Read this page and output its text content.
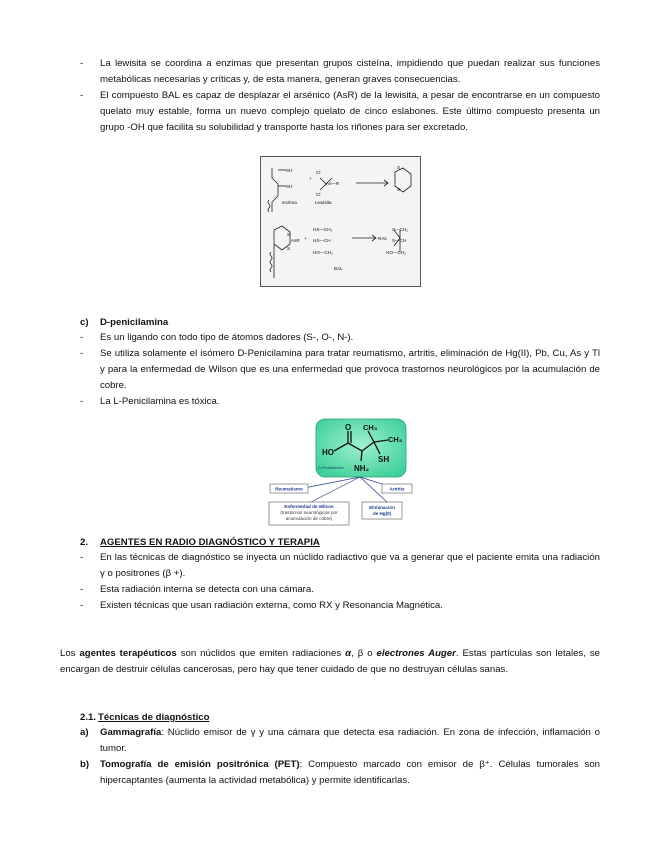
-	La lewisita se coordina a enzimas que presentan grupos cisteína, impidiendo que puedan realizar sus funciones metabólicas necesarias y críticas y, de esta manera, generan graves consecuencias.
-	El compuesto BAL es capaz de desplazar el arsénico (AsR) de la lewisita, a pesar de encontrarse en un compuesto quelato muy estable, forma un nuevo complejo quelato de cinco eslabones. Este último compuesto presenta un grupo -OH que facilita su solubilidad y transporte hasta los riñones para ser excretado.
SH
SH
+
Cl
Cl
As—R
enzima	Lewisita
S
S
S
AsR
S
+
HS—CH₂
HS—CH
HO—CH₂
RAs
S—CH₂
S—CH
HO—CH₂
BAL
c) D-penicilamina
-	Es un ligando con todo tipo de átomos dadores (S-, O-, N-).
-	Se utiliza solamente el isómero D-Penicilamina para tratar reumatismo, artritis, eliminación de Hg(II), Pb, Cu, As y Tl y para la enfermedad de Wilson que es una enfermedad que provoca trastornos neurológicos por la acumulación de cobre.
-	La L-Penicilamina es tóxica.
O CH₃
CH₃
HO
SH
NH₂
D-Penicilamina
Reumatismo	Artritis
Enfermedad de Wilson
(trastornos neurológicos por
acumulación de cobre)
Eliminación
de Hg(II)
2. AGENTES EN RADIO DIAGNÓSTICO Y TERAPIA
-	En las técnicas de diagnóstico se inyecta un núclido radiactivo que va a generar que el paciente emita una radiación γ o positrones (β +).
-	Esta radiación interna se detecta con una cámara.
-	Existen técnicas que usan radiación externa, como RX y Resonancia Magnética.
Los agentes terapéuticos son núclidos que emiten radiaciones α, β o electrones Auger. Estas partículas son letales, se encargan de destruir células cancerosas, pero hay que tener cuidado de que no destruyan células sanas.
2.1. Técnicas de diagnóstico
a)	Gammagrafía: Núclido emisor de γ y una cámara que detecta esa radiación. En zona de infección, inflamación o tumor.
b)	Tomografía de emisión positrónica (PET): Compuesto marcado con emisor de β⁺. Células tumorales son hipercaptantes (aumenta la actividad metabólica) y permite identificarlas.
